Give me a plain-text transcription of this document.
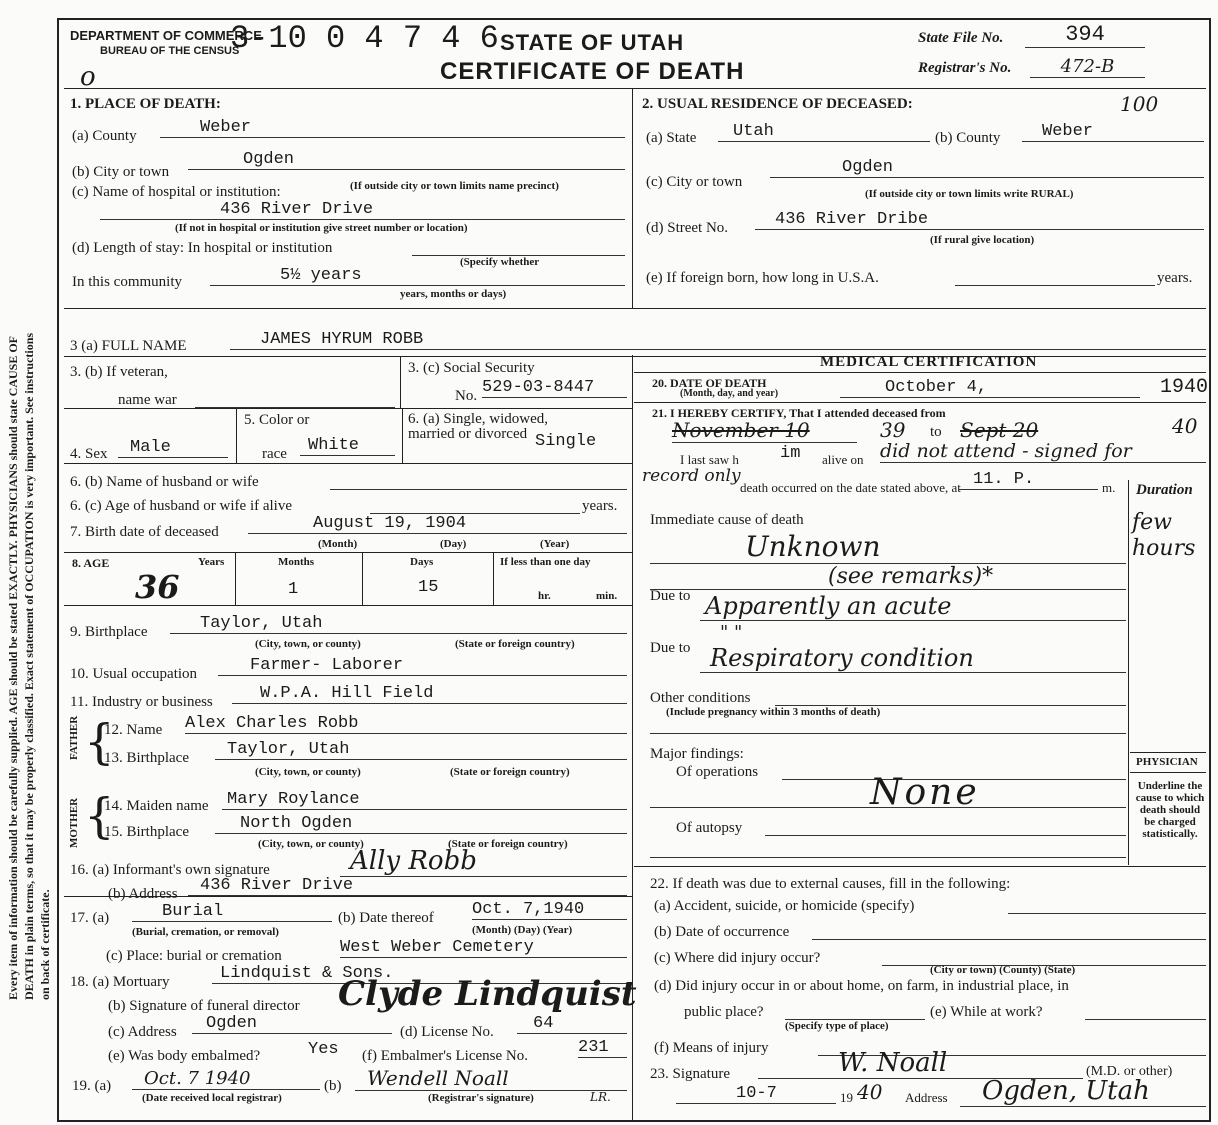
Every item of information should be carefully supplied. AGE should be stated EXACTLY. PHYSICIANS should state CAUSE OF DEATH in plain terms, so that it may be properly classified. Exact statement of OCCUPATION is very important. See instructions on back of certificate.
DEPARTMENT OF COMMERCE
BUREAU OF THE CENSUS
3-10 0 4 7 4 6
o
STATE OF UTAH
CERTIFICATE OF DEATH
State File No.	394
Registrar's No.	472-B
1. PLACE OF DEATH:
(a) County	Weber
(b) City or town
Ogden
(c) Name of hospital or institution:	(If outside city or town limits name precinct)
436 River Drive
(If not in hospital or institution give street number or location)
(d) Length of stay: In hospital or institution
(Specify whether
In this community	5½ years
years, months or days)
2. USUAL RESIDENCE OF DECEASED:	100
(a) State	Utah	(b) County	Weber
(c) City or town
Ogden
(If outside city or town limits write RURAL)
(d) Street No.	436 River Dribe
(If rural give location)
(e) If foreign born, how long in U.S.A.	years.
3 (a) FULL NAME	JAMES HYRUM ROBB
3. (b) If veteran,
name war
3. (c) Social Security
No. 529-03-8447
4. Sex	Male
5. Color or
race	White
6. (a) Single, widowed, married or divorced Single
6. (b) Name of husband or wife
6. (c) Age of husband or wife if alive	years.
7. Birth date of deceased	August 19, 1904
(Month)	(Day)	(Year)
8. AGE	Years	Months	Days	If less than one day
36	1	15	hr.	min.
9. Birthplace	Taylor, Utah
(City, town, or county)	(State or foreign country)
10. Usual occupation	Farmer- Laborer
11. Industry or business	W.P.A. Hill Field
FATHER {
12. Name Alex Charles Robb
13. Birthplace	Taylor, Utah
(City, town, or county)	(State or foreign country)
MOTHER {
14. Maiden name Mary Roylance
15. Birthplace	North Ogden
(City, town, or county)	(State or foreign country)
16. (a) Informant's own signature	Ally Robb
(b) Address	436 River Drive
17. (a)	Burial
(Burial, cremation, or removal)
(b) Date thereof Oct. 7,1940
(Month) (Day) (Year)
(c) Place: burial or cremation	West Weber Cemetery
18. (a) Mortuary	Lindquist & Sons.
(b) Signature of funeral director Clyde Lindquist
(c) Address	Ogden	(d) License No.	64
(e) Was body embalmed?	Yes (f) Embalmer's License No.	231
19. (a)	Oct. 7 1940
(Date received local registrar)
(b)	Wendell Noall
LR.
(Registrar's signature)
MEDICAL CERTIFICATION
20. DATE OF DEATH
(Month, day, and year)	October 4,	1940
21. I HEREBY CERTIFY, That I attended deceased from
November 10	39 to Sept 20	40
I last saw h im alive on did not attend - signed for
record only
death occurred on the date stated above, at 11. P.	m. Duration
few hours
Immediate cause of death
Unknown
(see remarks)*
Due to Apparently an acute
Due to
" "
Respiratory condition
Other conditions
(Include pregnancy within 3 months of death)
Major findings:
Of operations	None
Of autopsy
PHYSICIAN
Underline the cause to which death should be charged statistically.
22. If death was due to external causes, fill in the following:
(a) Accident, suicide, or homicide (specify)
(b) Date of occurrence
(c) Where did injury occur?
(City or town) (County) (State)
(d) Did injury occur in or about home, on farm, in industrial place, in
public place?
(Specify type of place)
(e) While at work?
(f) Means of injury
23. Signature	W. Noall	(M.D. or other)
10-7	19 40 Address	Ogden, Utah
